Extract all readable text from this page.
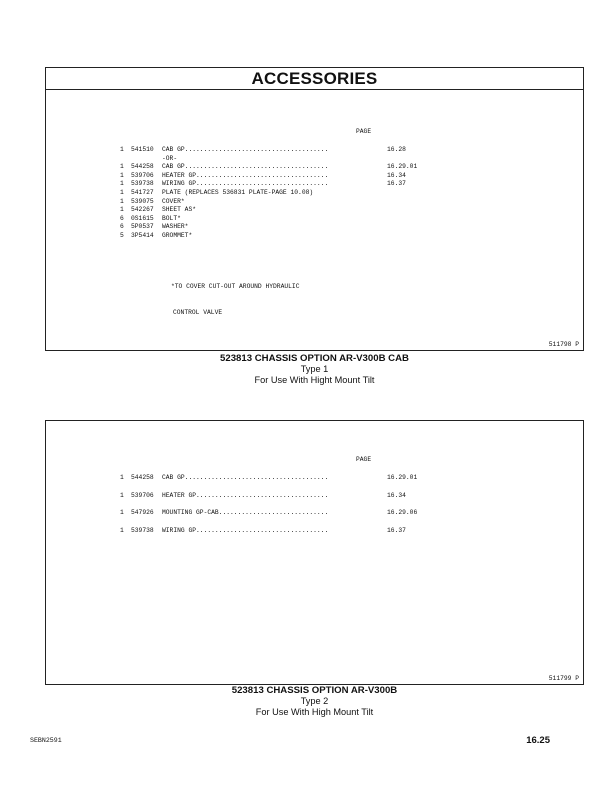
ACCESSORIES
PAGE
1	541510	CAB GP......................................	16.28
-OR-
1	544258	CAB GP......................................	16.29.01
1	539706	HEATER GP...................................	16.34
1	539738	WIRING GP...................................	16.37
1	541727	PLATE (REPLACES 536831 PLATE-PAGE 10.08)
1	539075	COVER*
1	542267	SHEET AS*
6	0S1615	BOLT*
6	5P0537	WASHER*
5	3P5414	GROMMET*

*TO COVER CUT-OUT AROUND HYDRAULIC

CONTROL VALVE

511798 P
523813 CHASSIS OPTION AR-V300B CAB
Type 1
For Use With Hight Mount Tilt
PAGE
1	544258	CAB GP......................................	16.29.01
1	539706	HEATER GP...................................	16.34
1	547926	MOUNTING GP-CAB.............................	16.29.06
1	539738	WIRING GP...................................	16.37
511799 P
523813 CHASSIS OPTION AR-V300B
Type 2
For Use With High Mount Tilt
SEBN2591	16.25
